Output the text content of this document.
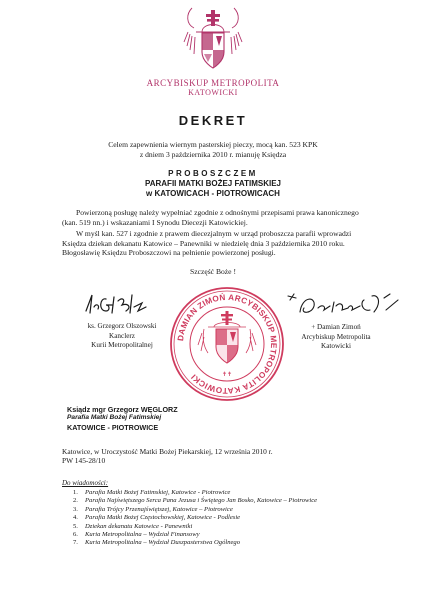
ARCYBISKUP METROPOLITA
KATOWICKI
DEKRET
Celem zapewnienia wiernym pasterskiej pieczy, mocą kan. 523 KPK
z dniem 3 października 2010 r. mianuję Księdza
PROBOSZCZEM
PARAFII MATKI BOŻEJ FATIMSKIEJ
w KATOWICACH - PIOTROWICACH
Powierzoną posługę należy wypełniać zgodnie z odnośnymi przepisami prawa kanonicznego
(kan. 519 nn.) i wskazaniami I Synodu Diecezji Katowickiej.
W myśl kan. 527 i zgodnie z prawem diecezjalnym w urząd proboszcza parafii wprowadzi
Księdza dziekan dekanatu Katowice – Panewniki w niedzielę dnia 3 października 2010 roku.
Błogosławię Księdzu Proboszczowi na pełnienie powierzonej posługi.
Szczęść Boże !
ks. Grzegorz Olszowski
Kanclerz
Kurii Metropolitalnej
+ Damian Zimoń
Arcybiskup Metropolita
Katowicki
DAMIAN ZIMOŃ ARCYBISKUP METROPOLITA KATOWICKI	✝ ✝
Ksiądz mgr Grzegorz WĘGLORZ
Parafia Matki Bożej Fatimskiej
KATOWICE - PIOTROWICE
Katowice, w Uroczystość Matki Bożej Piekarskiej, 12 września 2010 r.
PW 145-28/10
Do wiadomości:
1. Parafia Matki Bożej Fatimskiej, Katowice - Piotrowice
2. Parafia Najświętszego Serca Pana Jezusa i Świętego Jan Bosko, Katowice – Piotrowice
3. Parafia Trójcy Przenajświętszej, Katowice – Piotrowice
4. Parafia Matki Bożej Częstochowskiej, Katowice - Podlesie
5. Dziekan dekanatu Katowice - Panewniki
6. Kuria Metropolitalna – Wydział Finansowy
7. Kuria Metropolitalna – Wydział Duszpasterstwa Ogólnego
